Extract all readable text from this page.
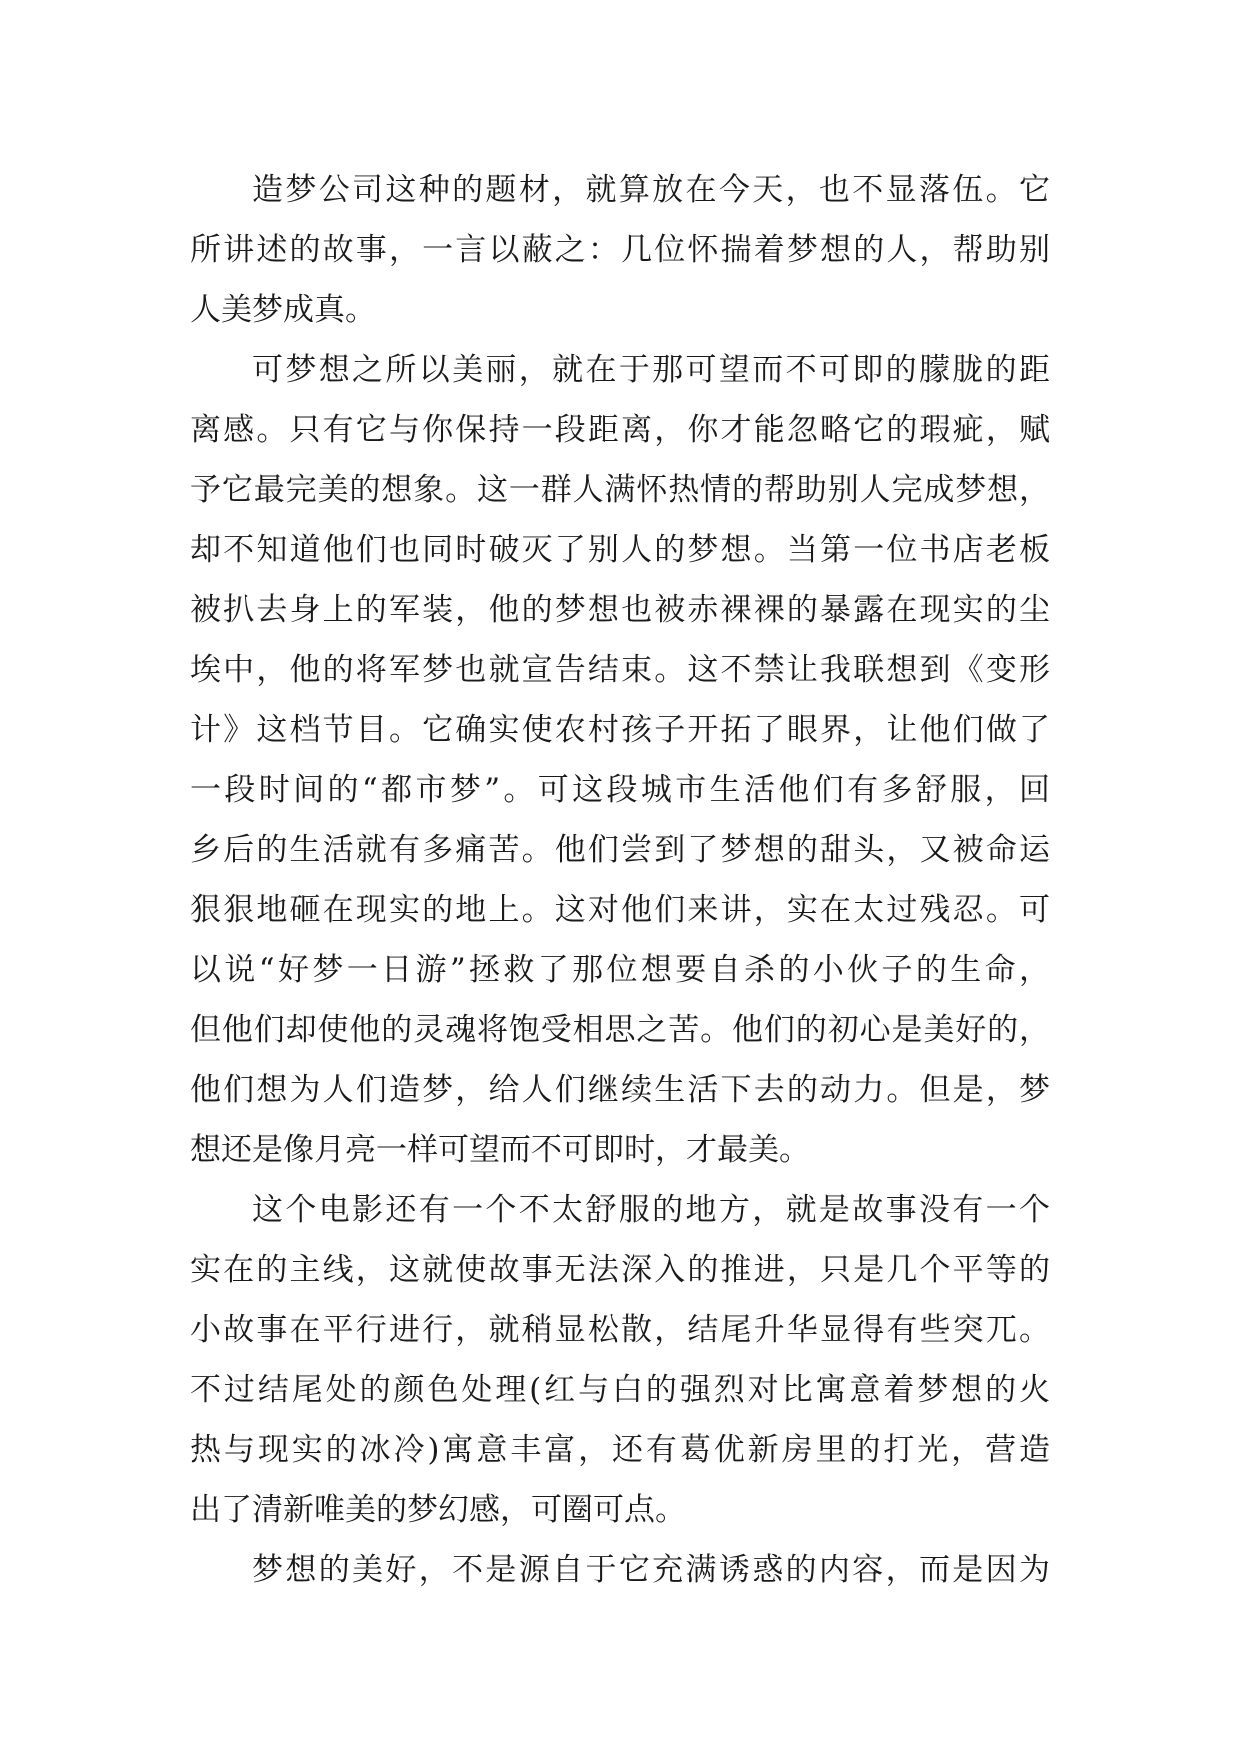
造梦公司这种的题材，就算放在今天，也不显落伍。它
所讲述的故事，一言以蔽之：几位怀揣着梦想的人，帮助别
人美梦成真。
可梦想之所以美丽，就在于那可望而不可即的朦胧的距
离感。只有它与你保持一段距离，你才能忽略它的瑕疵，赋
予它最完美的想象。这一群人满怀热情的帮助别人完成梦想，
却不知道他们也同时破灭了别人的梦想。当第一位书店老板
被扒去身上的军装，他的梦想也被赤裸裸的暴露在现实的尘
埃中，他的将军梦也就宣告结束。这不禁让我联想到《变形
计》这档节目。它确实使农村孩子开拓了眼界，让他们做了
一段时间的“都市梦”。可这段城市生活他们有多舒服，回
乡后的生活就有多痛苦。他们尝到了梦想的甜头，又被命运
狠狠地砸在现实的地上。这对他们来讲，实在太过残忍。可
以说“好梦一日游”拯救了那位想要自杀的小伙子的生命，
但他们却使他的灵魂将饱受相思之苦。他们的初心是美好的，
他们想为人们造梦，给人们继续生活下去的动力。但是，梦
想还是像月亮一样可望而不可即时，才最美。
这个电影还有一个不太舒服的地方，就是故事没有一个
实在的主线，这就使故事无法深入的推进，只是几个平等的
小故事在平行进行，就稍显松散，结尾升华显得有些突兀。
不过结尾处的颜色处理(红与白的强烈对比寓意着梦想的火
热与现实的冰冷)寓意丰富，还有葛优新房里的打光，营造
出了清新唯美的梦幻感，可圈可点。
梦想的美好，不是源自于它充满诱惑的内容，而是因为
